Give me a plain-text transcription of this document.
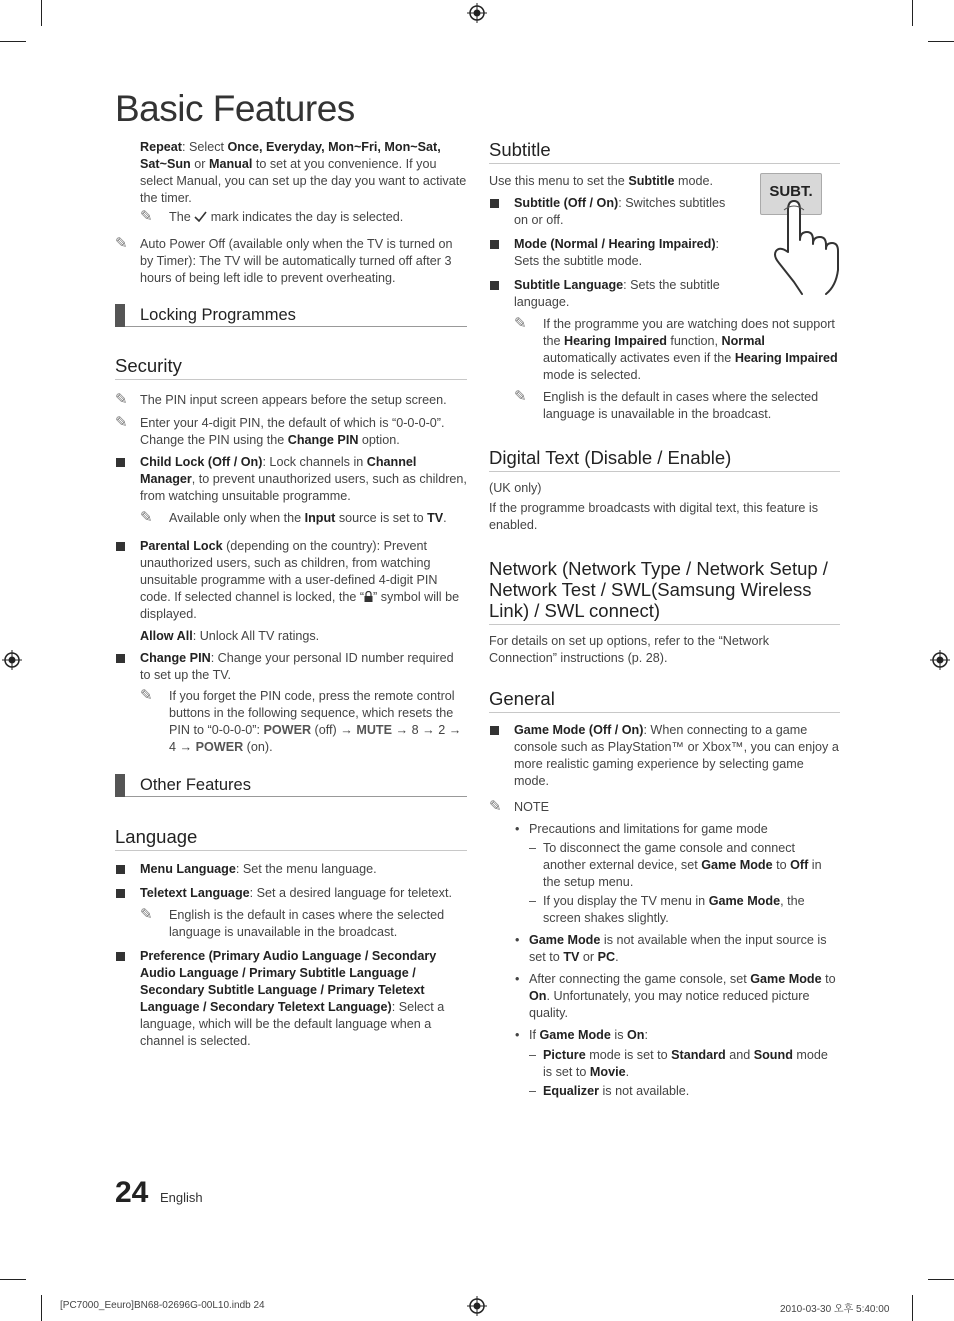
Basic Features

Repeat: Select Once, Everyday, Mon~Fri, Mon~Sat, Sat~Sun or Manual to set at you convenience. If you select Manual, you can set up the day you want to activate the timer.

✎ The  mark indicates the day is selected.
✎ Auto Power Off (available only when the TV is turned on by Timer): The TV will be automatically turned off after 3 hours of being left idle to prevent overheating.
Locking Programmes
Security
✎ The PIN input screen appears before the setup screen.
✎ Enter your 4-digit PIN, the default of which is “0-0-0-0”. Change the PIN using the Change PIN option.
Child Lock (Off / On): Lock channels in Channel Manager, to prevent unauthorized users, such as children, from watching unsuitable programme.
✎ Available only when the Input source is set to TV.
Parental Lock (depending on the country): Prevent unauthorized users, such as children, from watching unsuitable programme with a user-defined 4-digit PIN code. If selected channel is locked, the “ ” symbol will be displayed.

Allow All: Unlock All TV ratings.

Change PIN: Change your personal ID number required to set up the TV.
✎ If you forget the PIN code, press the remote control buttons in the following sequence, which resets the PIN to “0-0-0-0”: POWER (off) → MUTE → 8 → 2 → 4 → POWER (on).
Other Features
Language
Menu Language: Set the menu language.
Teletext Language: Set a desired language for teletext.
✎ English is the default in cases where the selected language is unavailable in the broadcast.
Preference (Primary Audio Language / Secondary Audio Language / Primary Subtitle Language / Secondary Subtitle Language / Primary Teletext Language / Secondary Teletext Language): Select a language, which will be the default language when a channel is selected.
Subtitle

Use this menu to set the Subtitle mode.

Subtitle (Off / On): Switches subtitles on or off.
Mode (Normal / Hearing Impaired): Sets the subtitle mode.
Subtitle Language: Sets the subtitle language.
✎ If the programme you are watching does not support the Hearing Impaired function, Normal automatically activates even if the Hearing Impaired mode is selected.
✎ English is the default in cases where the selected language is unavailable in the broadcast.
Digital Text (Disable / Enable)

(UK only)

If the programme broadcasts with digital text, this feature is enabled.

Network (Network Type / Network Setup / Network Test / SWL(Samsung Wireless Link) / SWL connect)

For details on set up options, refer to the “Network Connection” instructions (p. 28).

General
Game Mode (Off / On): When connecting to a game console such as PlayStation™ or Xbox™, you can enjoy a more realistic gaming experience by selecting game mode.
✎ NOTE
• Precautions and limitations for game mode
– To disconnect the game console and connect another external device, set Game Mode to Off in the setup menu.
– If you display the TV menu in Game Mode, the screen shakes slightly.
• Game Mode is not available when the input source is set to TV or PC.
• After connecting the game console, set Game Mode to On. Unfortunately, you may notice reduced picture quality.
• If Game Mode is On:
– Picture mode is set to Standard and Sound mode is set to Movie.
– Equalizer is not available.
SUBT.
24 English
[PC7000_Eeuro]BN68-02696G-00L10.indb 24	2010-03-30 오후 5:40:00
